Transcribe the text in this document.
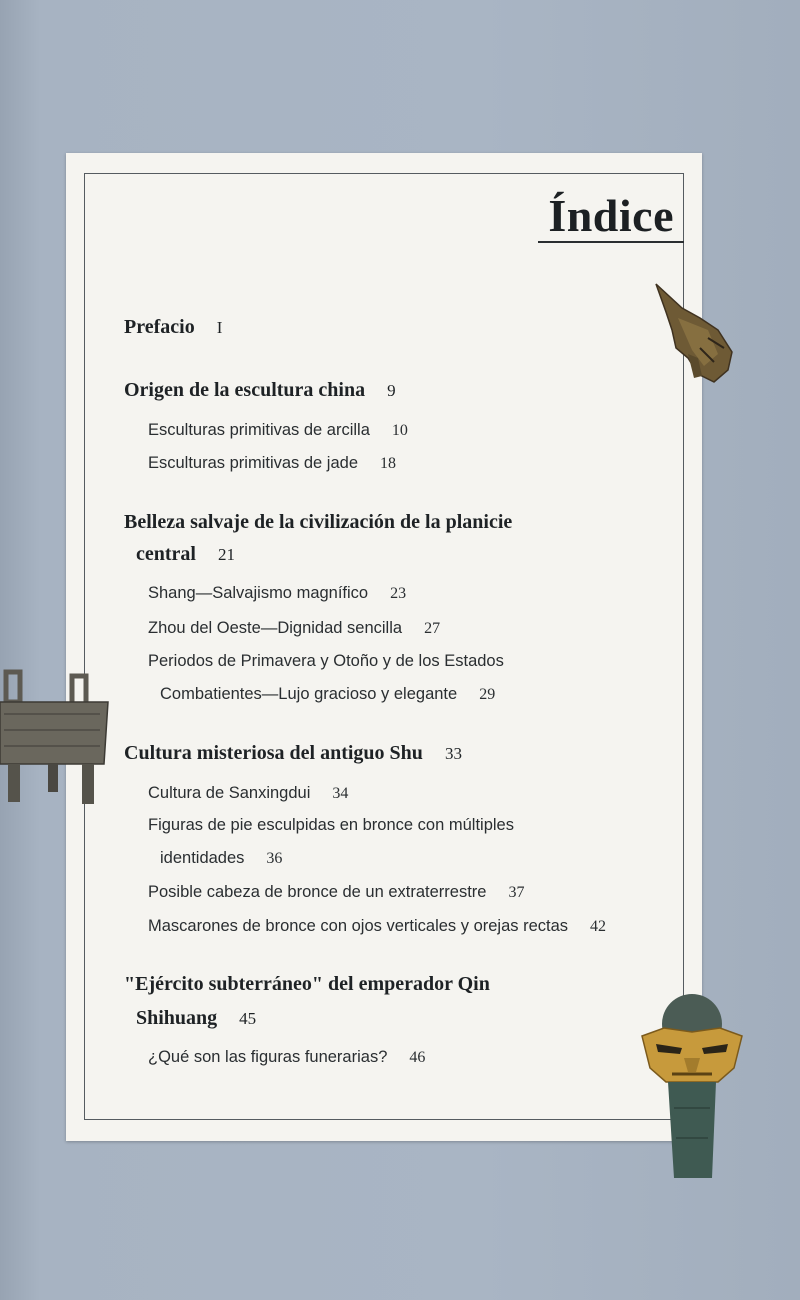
Índice
Prefacio I
Origen de la escultura china 9
Esculturas primitivas de arcilla 10
Esculturas primitivas de jade 18
Belleza salvaje de la civilización de la planicie
central 21
Shang—Salvajismo magnífico 23
Zhou del Oeste—Dignidad sencilla 27
Periodos de Primavera y Otoño y de los Estados
Combatientes—Lujo gracioso y elegante 29
Cultura misteriosa del antiguo Shu 33
Cultura de Sanxingdui 34
Figuras de pie esculpidas en bronce con múltiples
identidades 36
Posible cabeza de bronce de un extraterrestre 37
Mascarones de bronce con ojos verticales y orejas rectas 42
"Ejército subterráneo" del emperador Qin
Shihuang 45
¿Qué son las figuras funerarias? 46
